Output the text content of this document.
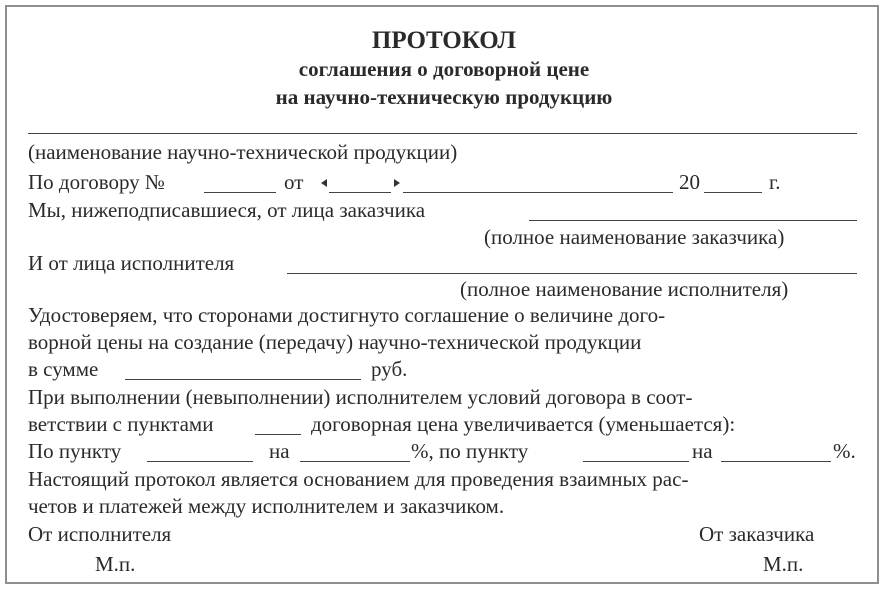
ПРОТОКОЛ
соглашения о договорной цене
на научно-техническую продукцию
(наименование научно-технической продукции)
По договору №	от	20	г.
Мы, нижеподписавшиеся, от лица заказчика
(полное наименование заказчика)
И от лица исполнителя
(полное наименование исполнителя)
Удостоверяем, что сторонами достигнуто соглашение о величине дого-
ворной цены на создание (передачу) научно-технической продукции
в сумме	руб.
При выполнении (невыполнении) исполнителем условий договора в соот-
ветствии с пунктами	договорная цена увеличивается (уменьшается):
По пункту	на	%, по пункту	на	%.
Настоящий протокол является основанием для проведения взаимных рас-
четов и платежей между исполнителем и заказчиком.
От исполнителя
М.п.
От заказчика
М.п.
